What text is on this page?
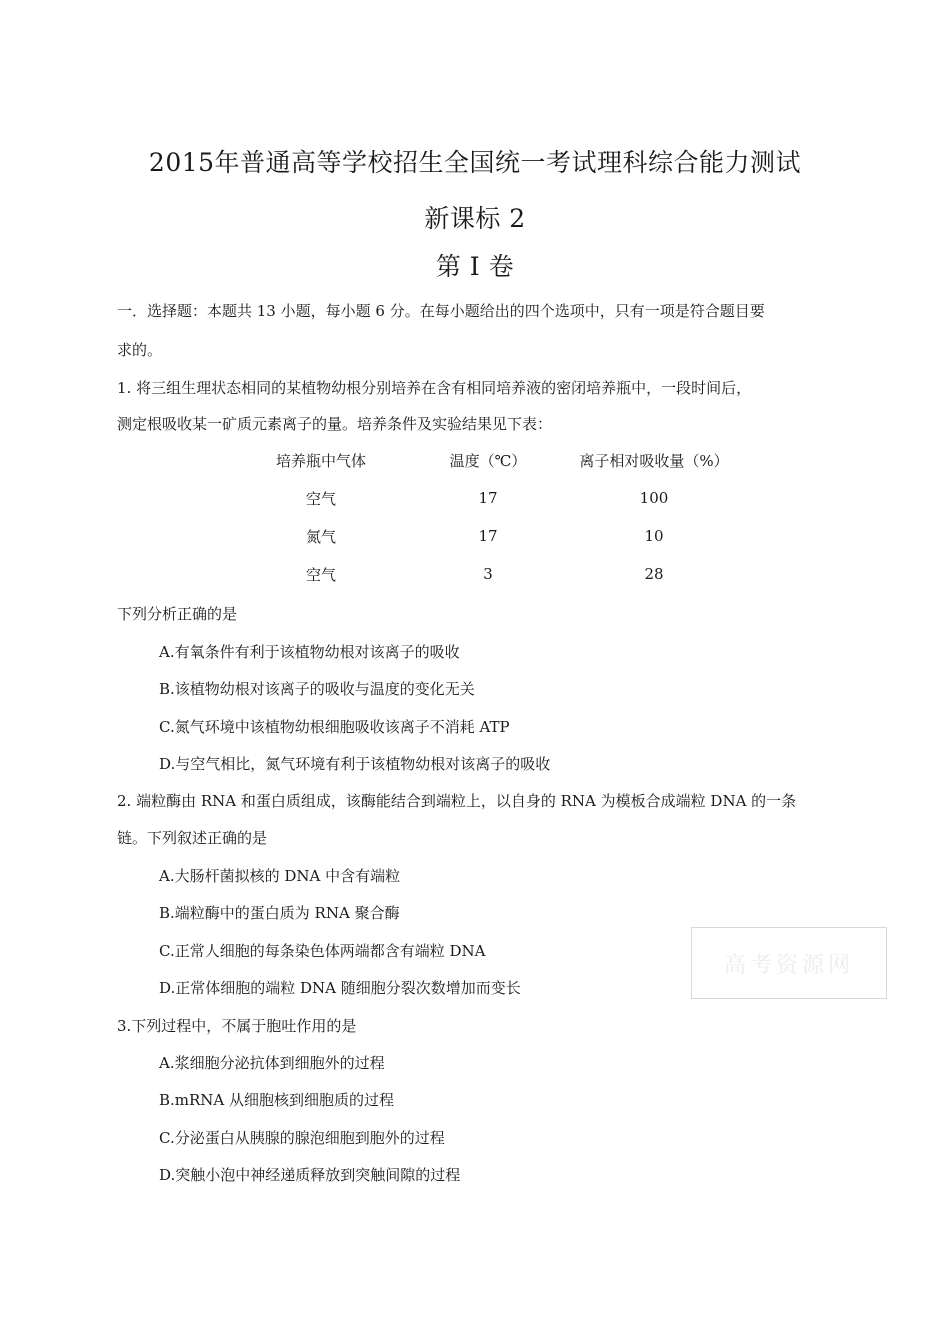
2015年普通高等学校招生全国统一考试理科综合能力测试
新课标 2
第 I 卷
一．选择题：本题共 13 小题，每小题 6 分。在每小题给出的四个选项中，只有一项是符合题目要
求的。
1. 将三组生理状态相同的某植物幼根分别培养在含有相同培养液的密闭培养瓶中，一段时间后，
测定根吸收某一矿质元素离子的量。培养条件及实验结果见下表：
培养瓶中气体	温度（℃）	离子相对吸收量（%）
空气	17	100
氮气	17	10
空气	3	28
下列分析正确的是
A.有氧条件有利于该植物幼根对该离子的吸收
B.该植物幼根对该离子的吸收与温度的变化无关
C.氮气环境中该植物幼根细胞吸收该离子不消耗 ATP
D.与空气相比，氮气环境有利于该植物幼根对该离子的吸收
2. 端粒酶由 RNA 和蛋白质组成，该酶能结合到端粒上，以自身的 RNA 为模板合成端粒 DNA 的一条
链。下列叙述正确的是
A.大肠杆菌拟核的 DNA 中含有端粒
B.端粒酶中的蛋白质为 RNA 聚合酶
C.正常人细胞的每条染色体两端都含有端粒 DNA
D.正常体细胞的端粒 DNA 随细胞分裂次数增加而变长
3.下列过程中，不属于胞吐作用的是
A.浆细胞分泌抗体到细胞外的过程
B.mRNA 从细胞核到细胞质的过程
C.分泌蛋白从胰腺的腺泡细胞到胞外的过程
D.突触小泡中神经递质释放到突触间隙的过程
高考资源网
